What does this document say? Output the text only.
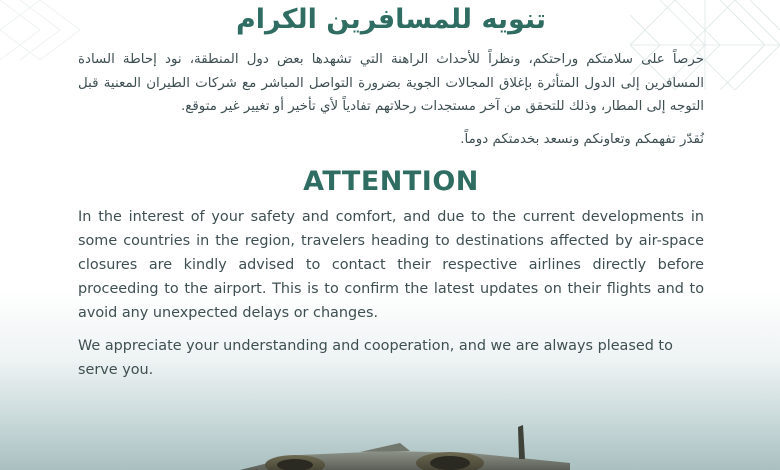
تنويه للمسافرين الكرام

حرصاً على سلامتكم وراحتكم، ونظراً للأحداث الراهنة التي تشهدها بعض دول المنطقة، نود إحاطة السادة المسافرين إلى الدول المتأثرة بإغلاق المجالات الجوية بضرورة التواصل المباشر مع شركات الطيران المعنية قبل التوجه إلى المطار، وذلك للتحقق من آخر مستجدات رحلاتهم تفادياً لأي تأخير أو تغيير غير متوقع.

نُقدّر تفهمكم وتعاونكم ونسعد بخدمتكم دوماً.

ATTENTION

In the interest of your safety and comfort, and due to the current developments in some countries in the region, travelers heading to destinations affected by air-space closures are kindly advised to contact their respective airlines directly before proceeding to the airport. This is to confirm the latest updates on their flights and to avoid any unexpected delays or changes.

We appreciate your understanding and cooperation, and we are always pleased to serve you.
